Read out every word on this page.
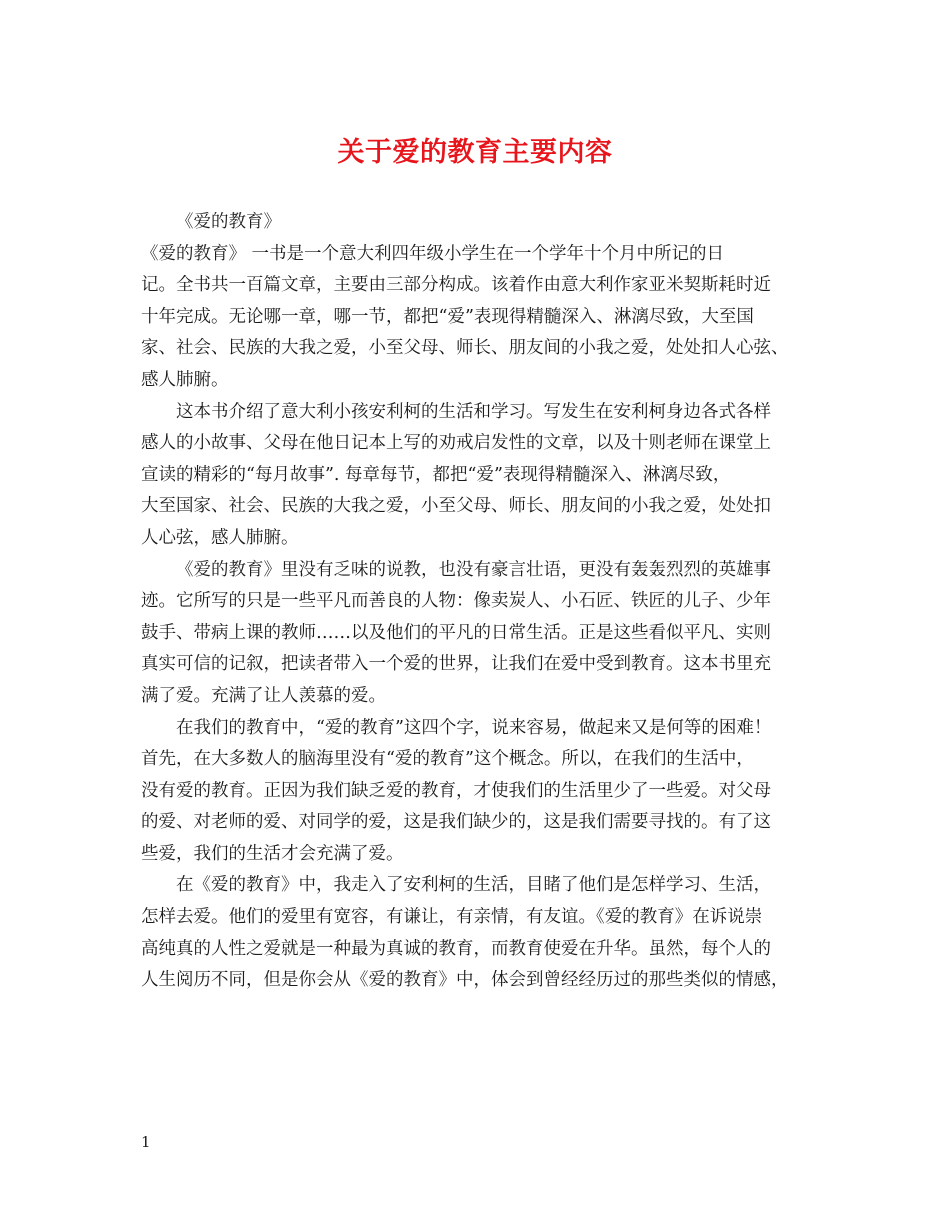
关于爱的教育主要内容
《爱的教育》
《爱的教育》 一书是一个意大利四年级小学生在一个学年十个月中所记的日
记。全书共一百篇文章，主要由三部分构成。该着作由意大利作家亚米契斯耗时近
十年完成。无论哪一章，哪一节，都把“爱”表现得精髓深入、淋漓尽致，大至国
家、社会、民族的大我之爱，小至父母、师长、朋友间的小我之爱，处处扣人心弦、
感人肺腑。
这本书介绍了意大利小孩安利柯的生活和学习。写发生在安利柯身边各式各样
感人的小故事、父母在他日记本上写的劝戒启发性的文章，以及十则老师在课堂上
宣读的精彩的“每月故事”. 每章每节，都把“爱”表现得精髓深入、淋漓尽致，
大至国家、社会、民族的大我之爱，小至父母、师长、朋友间的小我之爱，处处扣
人心弦，感人肺腑。
《爱的教育》里没有乏味的说教，也没有豪言壮语，更没有轰轰烈烈的英雄事
迹。它所写的只是一些平凡而善良的人物：像卖炭人、小石匠、铁匠的儿子、少年
鼓手、带病上课的教师……以及他们的平凡的日常生活。正是这些看似平凡、实则
真实可信的记叙，把读者带入一个爱的世界，让我们在爱中受到教育。这本书里充
满了爱。充满了让人羡慕的爱。
在我们的教育中，“爱的教育”这四个字，说来容易，做起来又是何等的困难！
首先，在大多数人的脑海里没有“爱的教育”这个概念。所以，在我们的生活中，
没有爱的教育。正因为我们缺乏爱的教育，才使我们的生活里少了一些爱。对父母
的爱、对老师的爱、对同学的爱，这是我们缺少的，这是我们需要寻找的。有了这
些爱，我们的生活才会充满了爱。
在《爱的教育》中，我走入了安利柯的生活，目睹了他们是怎样学习、生活，
怎样去爱。他们的爱里有宽容，有谦让，有亲情，有友谊。《爱的教育》在诉说崇
高纯真的人性之爱就是一种最为真诚的教育，而教育使爱在升华。虽然，每个人的
人生阅历不同，但是你会从《爱的教育》中，体会到曾经经历过的那些类似的情感，

1
